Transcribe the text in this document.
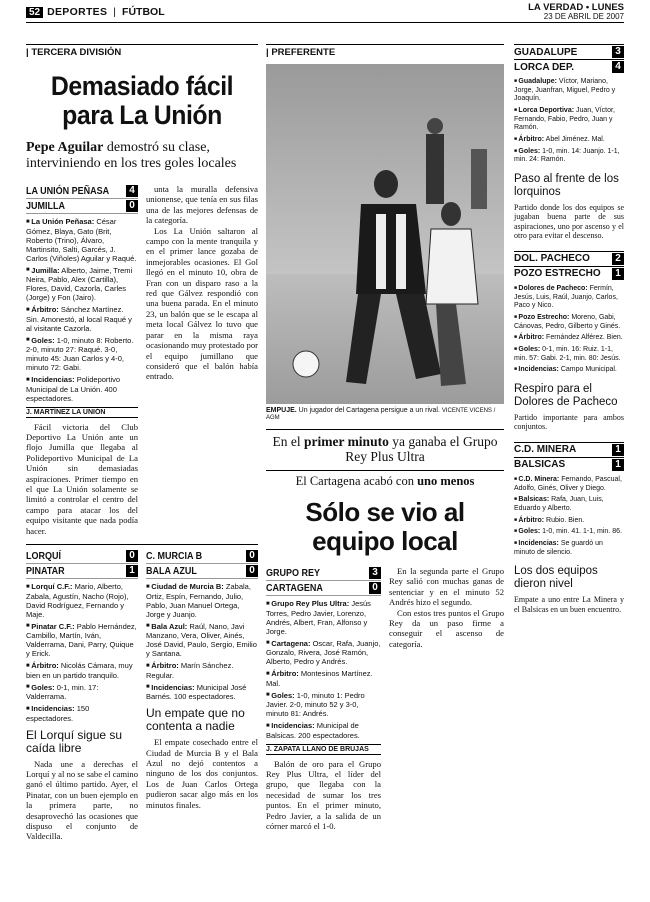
52 DEPORTES | FÚTBOL	LA VERDAD • LUNES
23 DE ABRIL DE 2007
| TERCERA DIVISIÓN
Demasiado fácil para La Unión
Pepe Aguilar demostró su clase, interviniendo en los tres goles locales
LA UNIÓN PEÑASA	4
JUMILLA	0

■ La Unión Peñasa: César Gómez, Blaya, Gato (Brit, Roberto (Trino), Álvaro, Martinsito, Salti, Garcés, J. Carlos (Viñoles) Aguilar y Raqué.

■ Jumilla: Alberto, Jaime, Tremi Neira, Pablo, Alex (Cartilla), Flores, David, Cazorla, Carles (Jorge) y Fon (Jairo).

■ Árbitro: Sánchez Martínez. Sin. Amonestó, al local Raqué y al visitante Cazorla.

■ Goles: 1-0, minuto 8: Roberto. 2-0, minuto 27: Raqué. 3-0, minuto 45: Juan Carlos y 4-0, minuto 72: Gabi.

■ Incidencias: Polideportivo Municipal de La Unión. 400 espectadores.

J. MARTÍNEZ LA UNIÓN

Fácil victoria del Club Deportivo La Unión ante un flojo Jumilla que llegaba al Polideportivo Municipal de La Unión sin demasiadas aspiraciones. Primer tiempo en el que La Unión solamente se limitó a controlar el centro del campo para atacar los del equipo visitante que nada podía hacer.

unta la muralla defensiva unionense, que tenía en sus filas una de las mejores defensas de la categoría.

Los La Unión saltaron al campo con la mente tranquila y en el primer lance gozaba de inmejorables ocasiones. El Gol llegó en el minuto 10, obra de Fran con un disparo raso a la red que Gálvez respondió con una buena parada. En el minuto 23, un balón que se le escapa al meta local Gálvez lo tuvo que parar en la misma raya ocasionando muy protestado por el equipo jumillano que consideró que el balón había entrado.

LORQUÍ	0
PINATAR	1

■ Lorquí C.F.: Mario, Alberto, Zabala, Agustín, Nacho (Rojo), David Rodríguez, Fernando y Maje.

■ Pinatar C.F.: Pablo Hernández, Cambillo, Martín, Iván, Valderrama, Dani, Parry, Quique y Erick.

■ Árbitro: Nicolás Cámara, muy bien en un partido tranquilo.

■ Goles: 0-1, min. 17: Valderrama.

■ Incidencias: 150 espectadores.

El Lorquí sigue su caída libre

Nada une a derechas el Lorquí y al no se sabe el camino ganó el último partido. Ayer, el Pinatar, con un buen ejemplo en la primera parte, no desaprovechó las ocasiones que dispuso el conjunto de Valdecilla.

C. MURCIA B	0
BALA AZUL	0

■ Ciudad de Murcia B: Zabala, Ortiz, Espín, Fernando, Julio, Pablo, Juan Manuel Ortega, Jorge y Juanjo.

■ Bala Azul: Raúl, Nano, Javi Manzano, Vera, Oliver, Ainés, José David, Paulo, Sergio, Emilio y Santana.

■ Árbitro: Marín Sánchez. Regular.

■ Incidencias: Municipal José Barnés. 100 espectadores.

Un empate que no contenta a nadie

El empate cosechado entre el Ciudad de Murcia B y el Bala Azul no dejó contentos a ninguno de los dos conjuntos. Los de Juan Carlos Ortega pudieron sacar algo más en los minutos finales.

| PREFERENTE
EMPUJE. Un jugador del Cartagena persigue a un rival. VICENTE VICENS / AGM
En el primer minuto ya ganaba el Grupo Rey Plus Ultra
El Cartagena acabó con uno menos
Sólo se vio al equipo local
GRUPO REY	3
CARTAGENA	0

■ Grupo Rey Plus Ultra: Jesús Torres, Pedro Javier, Lorenzo, Andrés, Albert, Fran, Alfonso y Jorge.

■ Cartagena: Oscar, Rafa, Juanjo, Gonzalo, Rivera, José Ramón, Alberto, Pedro y Andrés.

■ Árbitro: Montesinos Martínez. Mal.

■ Goles: 1-0, minuto 1: Pedro Javier. 2-0, minuto 52 y 3-0, minuto 81: Andrés.

■ Incidencias: Municipal de Balsicas. 200 espectadores.

J. ZAPATA LLANO DE BRUJAS

Balón de oro para el Grupo Rey Plus Ultra, el líder del grupo, que llegaba con la necesidad de sumar los tres puntos. En el primer minuto, Pedro Javier, a la salida de un córner marcó el 1-0.

En la segunda parte el Grupo Rey salió con muchas ganas de sentenciar y en el minuto 52 Andrés hizo el segundo.

Con estos tres puntos el Grupo Rey da un paso firme a conseguir el ascenso de categoría.

GUADALUPE	3
LORCA DEP.	4

■ Guadalupe: Víctor, Mariano, Jorge, Juanfran, Miguel, Pedro y Joaquín.

■ Lorca Deportiva: Juan, Víctor, Fernando, Fabio, Pedro, Juan y Ramón.

■ Árbitro: Abel Jiménez. Mal.

■ Goles: 1-0, min. 14: Juanjo. 1-1, min. 24: Ramón.

Paso al frente de los lorquinos
Partido donde los dos equipos se jugaban buena parte de sus aspiraciones, uno por ascenso y el otro para evitar el descenso.
DOL. PACHECO	2
POZO ESTRECHO	1

■ Dolores de Pacheco: Fermín, Jesús, Luis, Raúl, Juanjo, Carlos, Paco y Nico.

■ Pozo Estrecho: Moreno, Gabi, Cánovas, Pedro, Gilberto y Ginés.

■ Árbitro: Fernández Alférez. Bien.

■ Goles: 0-1, min. 16: Ruiz. 1-1, min. 57: Gabi. 2-1, min. 80: Jesús.

■ Incidencias: Campo Municipal.

Respiro para el Dolores de Pacheco
Partido importante para ambos conjuntos.
C.D. MINERA	1
BALSICAS	1

■ C.D. Minera: Fernando, Pascual, Adolfo, Ginés, Oliver y Diego.

■ Balsicas: Rafa, Juan, Luis, Eduardo y Alberto.

■ Árbitro: Rubio. Bien.

■ Goles: 1-0, min. 41. 1-1, min. 86.

■ Incidencias: Se guardó un minuto de silencio.

Los dos equipos dieron nivel
Empate a uno entre La Minera y el Balsicas en un buen encuentro.
